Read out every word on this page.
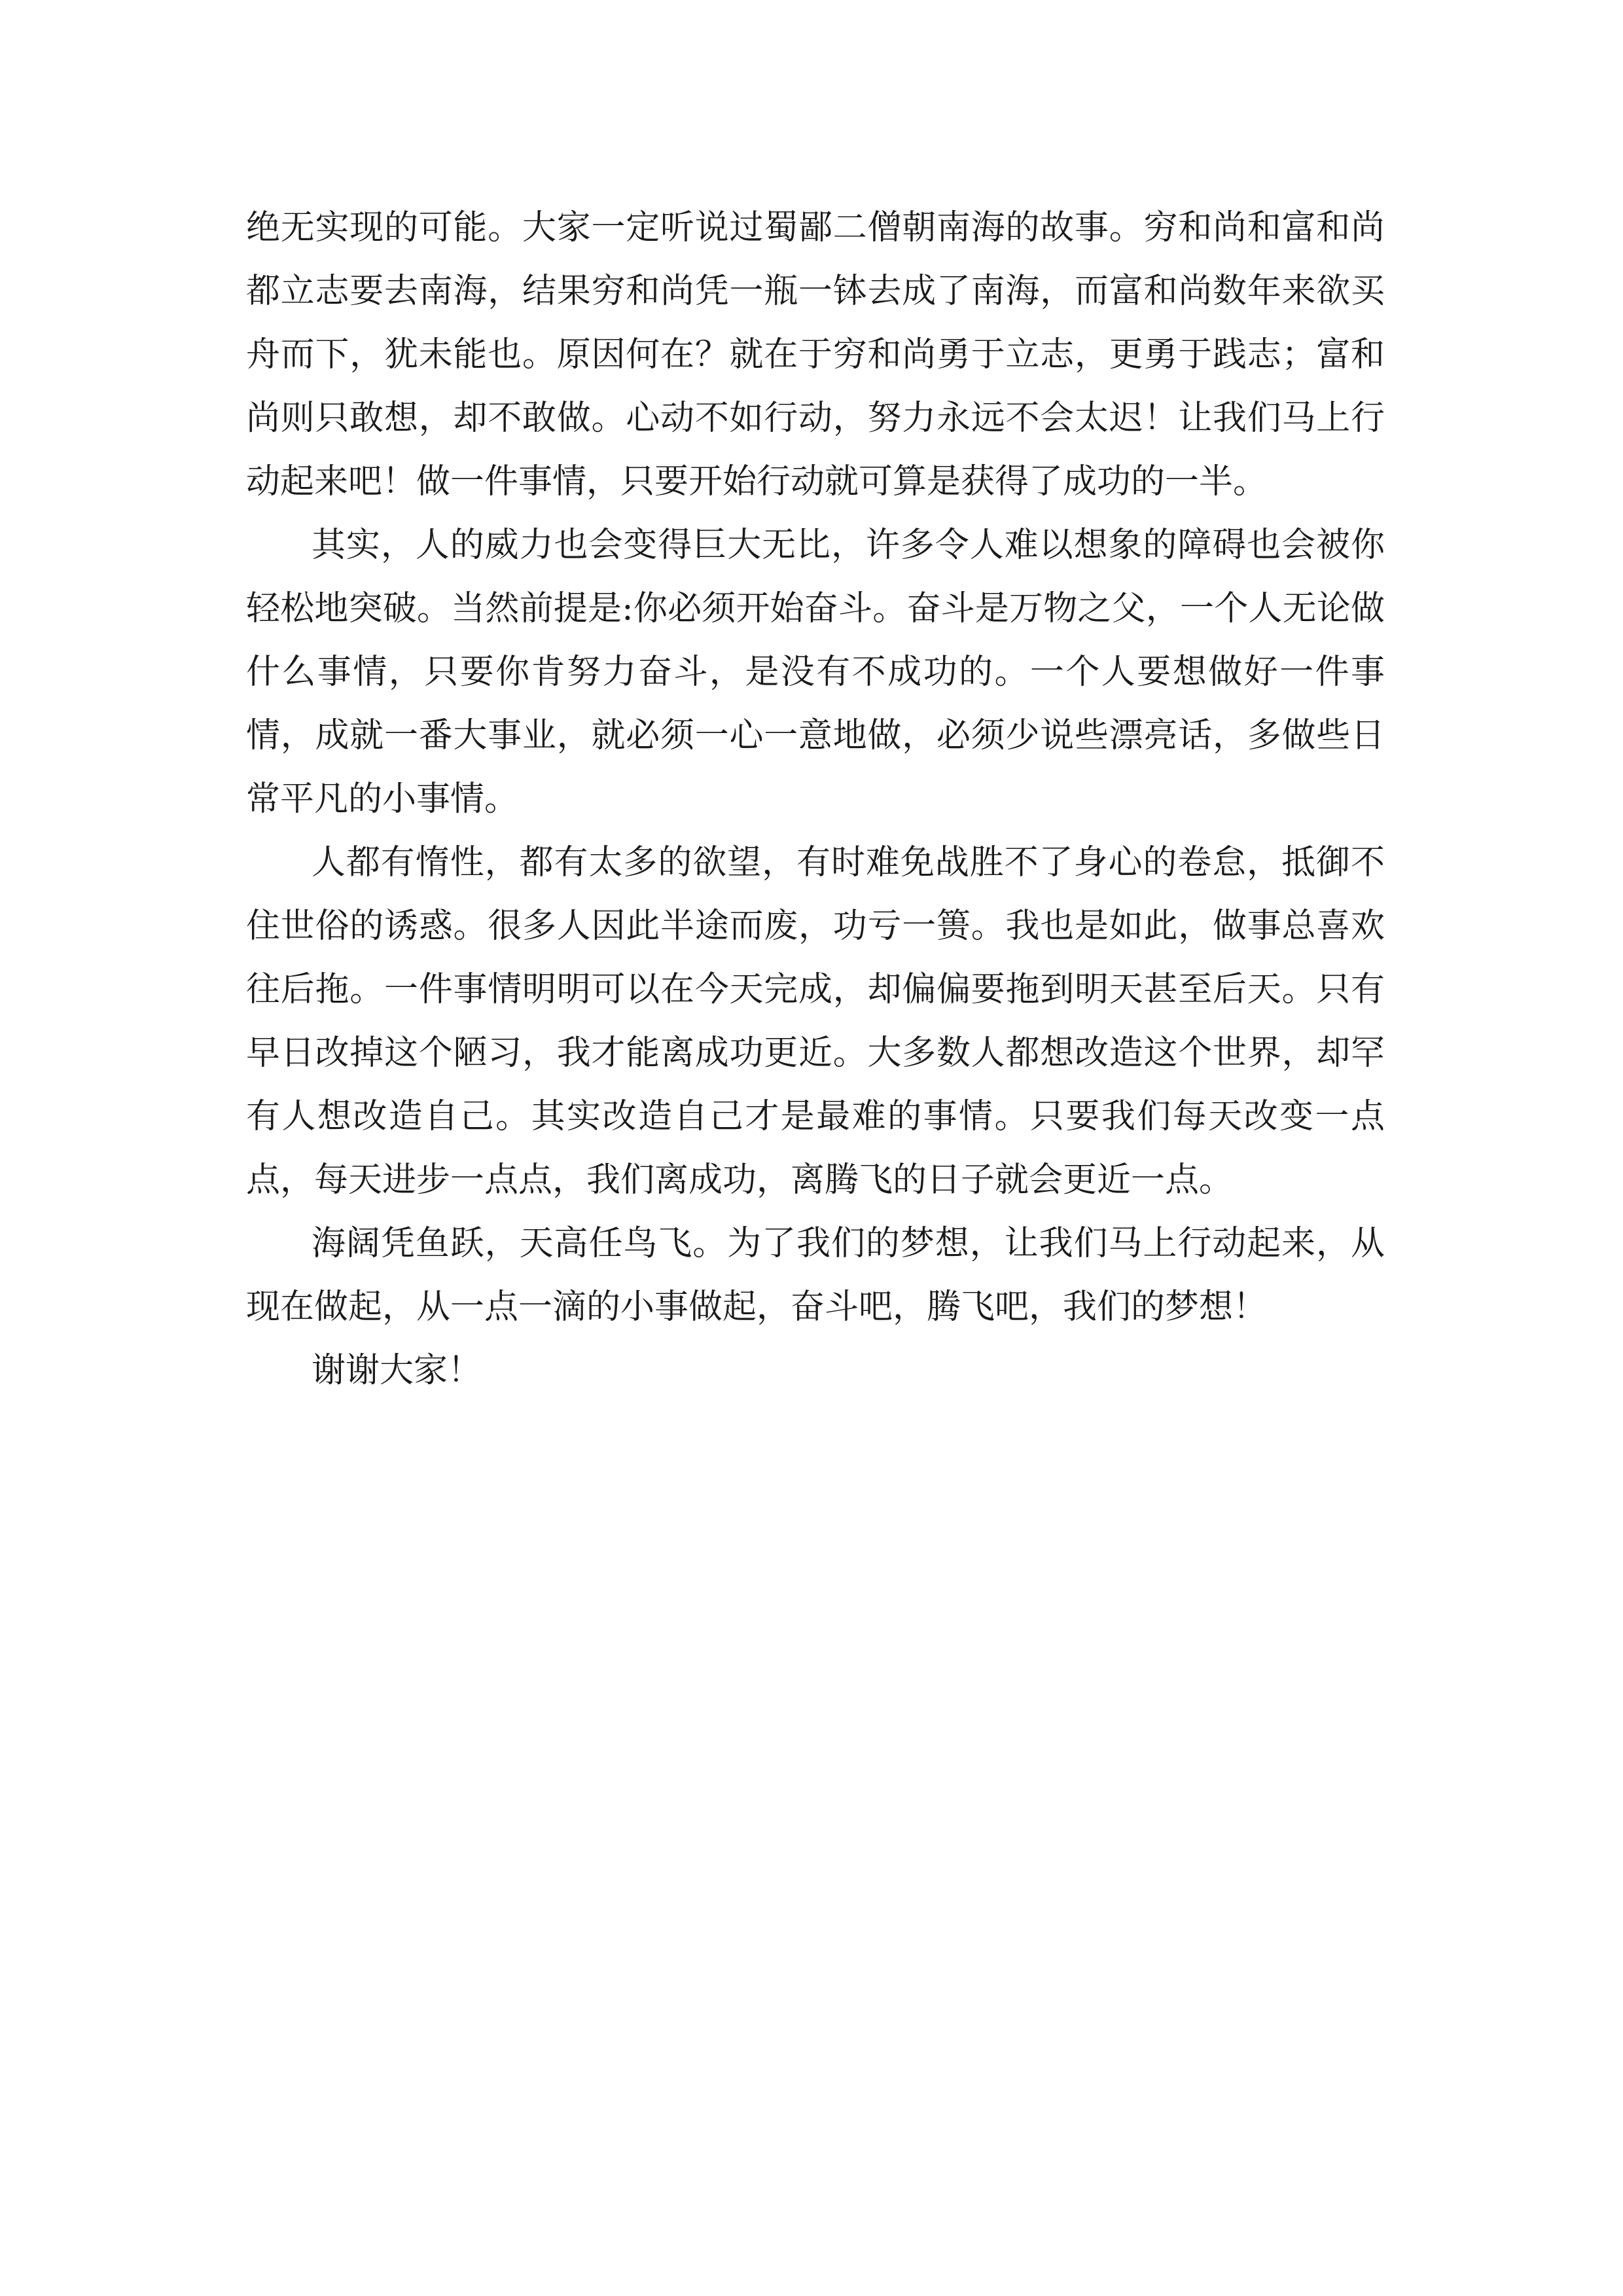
绝无实现的可能。大家一定听说过蜀鄙二僧朝南海的故事。穷和尚和富和尚都立志要去南海，结果穷和尚凭一瓶一钵去成了南海，而富和尚数年来欲买舟而下，犹未能也。原因何在？就在于穷和尚勇于立志，更勇于践志；富和尚则只敢想，却不敢做。心动不如行动，努力永远不会太迟！让我们马上行动起来吧！做一件事情，只要开始行动就可算是获得了成功的一半。

其实，人的威力也会变得巨大无比，许多令人难以想象的障碍也会被你轻松地突破。当然前提是:你必须开始奋斗。奋斗是万物之父，一个人无论做什么事情，只要你肯努力奋斗，是没有不成功的。一个人要想做好一件事情，成就一番大事业，就必须一心一意地做，必须少说些漂亮话，多做些日常平凡的小事情。

人都有惰性，都有太多的欲望，有时难免战胜不了身心的卷怠，抵御不住世俗的诱惑。很多人因此半途而废，功亏一篑。我也是如此，做事总喜欢往后拖。一件事情明明可以在今天完成，却偏偏要拖到明天甚至后天。只有早日改掉这个陋习，我才能离成功更近。大多数人都想改造这个世界，却罕有人想改造自己。其实改造自己才是最难的事情。只要我们每天改变一点点，每天进步一点点，我们离成功，离腾飞的日子就会更近一点。

海阔凭鱼跃，天高任鸟飞。为了我们的梦想，让我们马上行动起来，从现在做起，从一点一滴的小事做起，奋斗吧，腾飞吧，我们的梦想！

谢谢大家！
